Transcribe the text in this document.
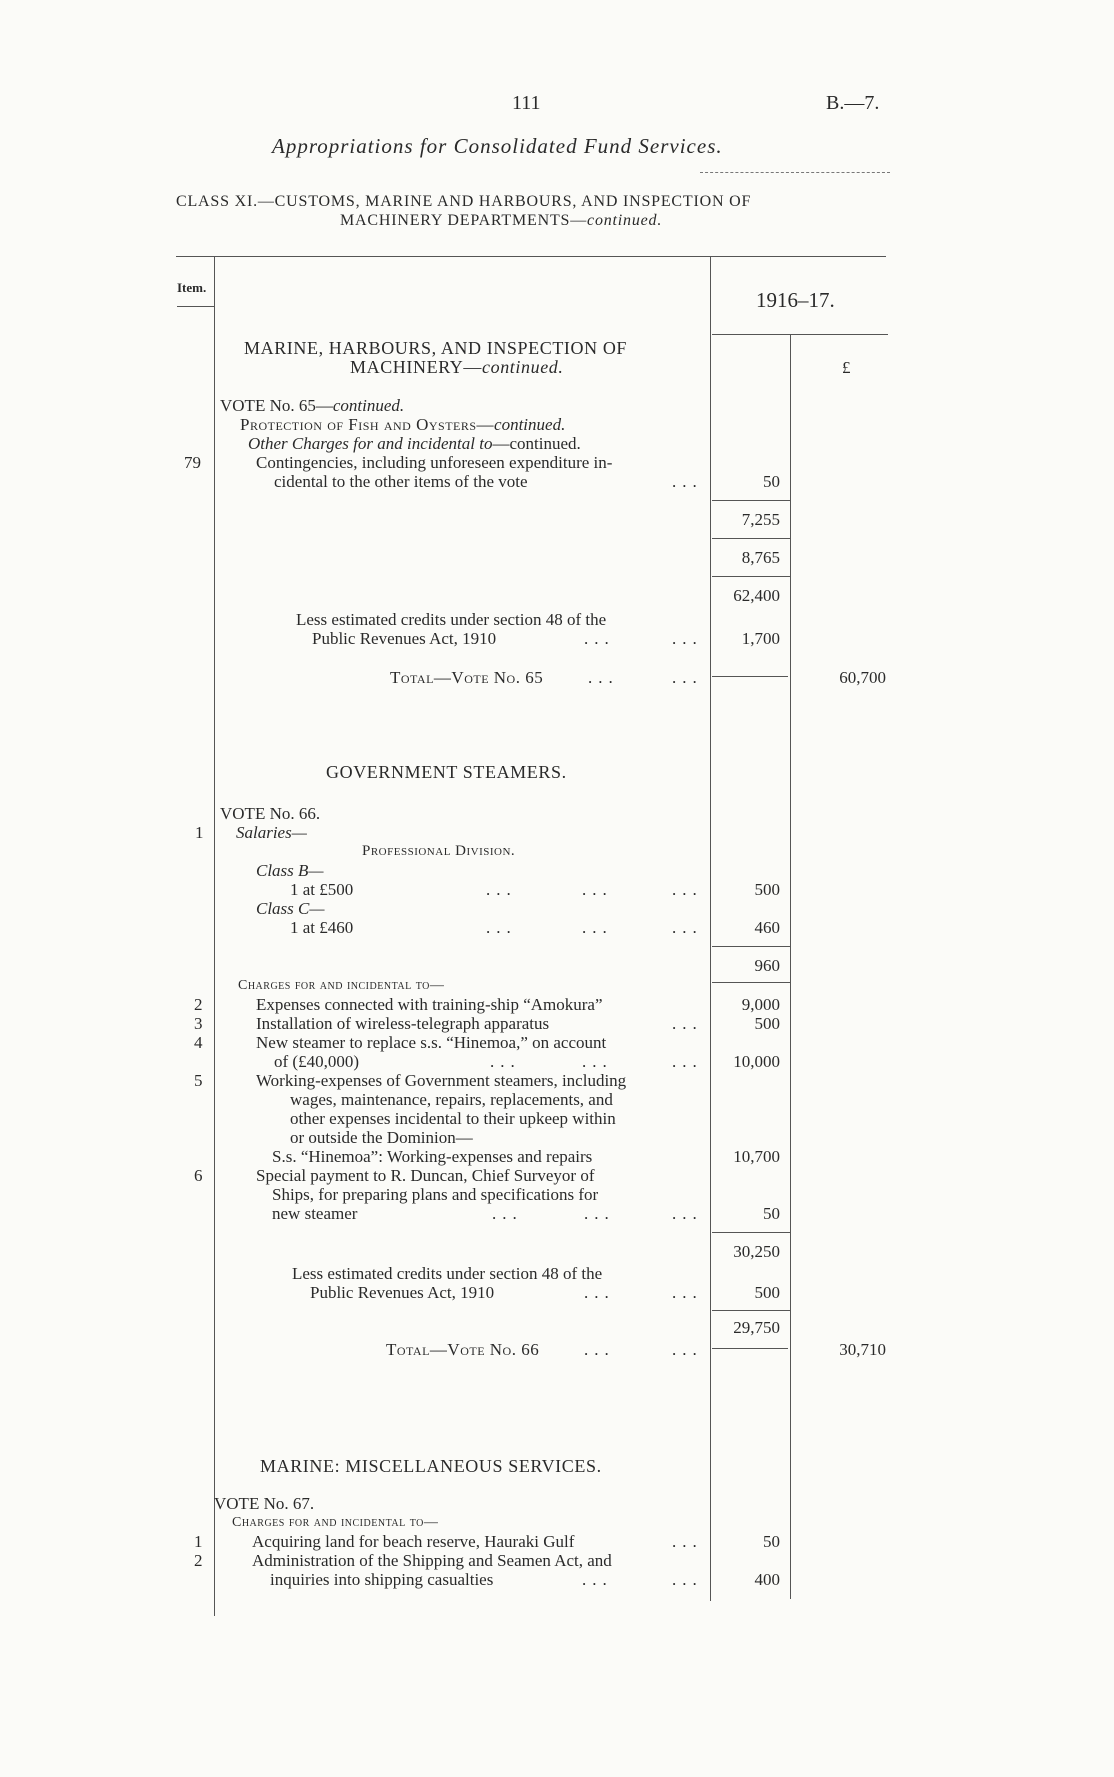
111	B.—7.
Appropriations for Consolidated Fund Services.
CLASS XI.—CUSTOMS, MARINE AND HARBOURS, AND INSPECTION OF
MACHINERY DEPARTMENTS—continued.
Item.
1916–17.
£
MARINE, HARBOURS, AND INSPECTION OF
MACHINERY—continued.
VOTE No. 65—continued.
Protection of Fish and Oysters—continued.
Other Charges for and incidental to—continued.
79	Contingencies, including unforeseen expenditure in-
cidental to the other items of the vote	...	50
7,255
8,765
62,400
Less estimated credits under section 48 of the
Public Revenues Act, 1910	...	...	1,700
Total—Vote No. 65	...	...	60,700
GOVERNMENT STEAMERS.
VOTE No. 66.
1 Salaries—
Professional Division.
Class B—
1 at £500	...	...	...	500
Class C—
1 at £460	...	...	...	460
960
Charges for and incidental to—
2	Expenses connected with training-ship “Amokura”	9,000
3	Installation of wireless-telegraph apparatus	...	500
4	New steamer to replace s.s. “Hinemoa,” on account
of (£40,000)	...	...	...	10,000
5	Working-expenses of Government steamers, including
wages, maintenance, repairs, replacements, and
other expenses incidental to their upkeep within
or outside the Dominion—
S.s. “Hinemoa”: Working-expenses and repairs	10,700
6	Special payment to R. Duncan, Chief Surveyor of
Ships, for preparing plans and specifications for
new steamer	...	...	...	50
30,250
Less estimated credits under section 48 of the
Public Revenues Act, 1910	...	...	500
29,750
Total—Vote No. 66	...	...	30,710
MARINE: MISCELLANEOUS SERVICES.
VOTE No. 67.
Charges for and incidental to—
1	Acquiring land for beach reserve, Hauraki Gulf	...	50
2	Administration of the Shipping and Seamen Act, and
inquiries into shipping casualties	...	...	400
